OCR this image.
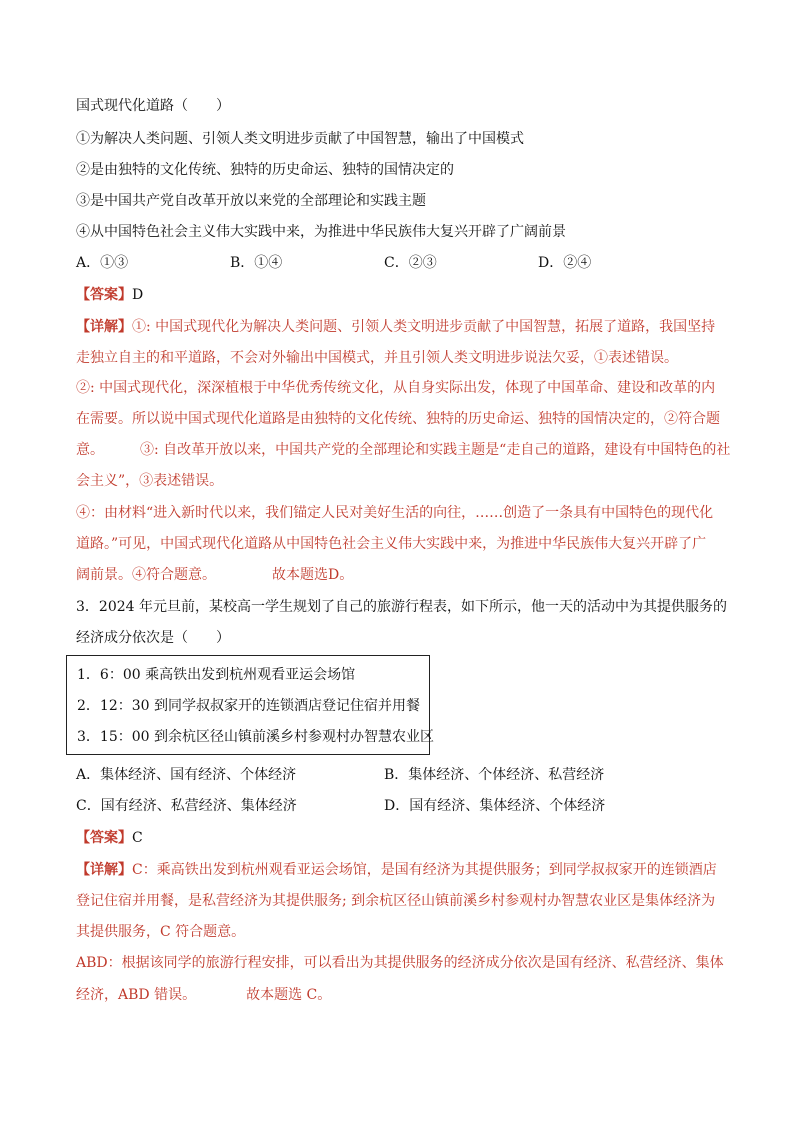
国式现代化道路（　　）
①为解决人类问题、引领人类文明进步贡献了中国智慧，输出了中国模式
②是由独特的文化传统、独特的历史命运、独特的国情决定的
③是中国共产党自改革开放以来党的全部理论和实践主题
④从中国特色社会主义伟大实践中来，为推进中华民族伟大复兴开辟了广阔前景
A．①③	B．①④	C．②③	D．②④
【答案】D
【详解】①: 中国式现代化为解决人类问题、引领人类文明进步贡献了中国智慧，拓展了道路，我国坚持
走独立自主的和平道路，不会对外输出中国模式，并且引领人类文明进步说法欠妥，①表述错误。
②: 中国式现代化，深深植根于中华优秀传统文化，从自身实际出发，体现了中国革命、建设和改革的内
在需要。所以说中国式现代化道路是由独特的文化传统、独特的历史命运、独特的国情决定的，②符合题
意。	③: 自改革开放以来，中国共产党的全部理论和实践主题是“走自己的道路，建设有中国特色的社
会主义”，③表述错误。
④：由材料“进入新时代以来，我们锚定人民对美好生活的向往，……创造了一条具有中国特色的现代化
道路。”可见，中国式现代化道路从中国特色社会主义伟大实践中来，为推进中华民族伟大复兴开辟了广
阔前景。④符合题意。	故本题选D。
3．2024 年元旦前，某校高一学生规划了自己的旅游行程表，如下所示，他一天的活动中为其提供服务的
经济成分依次是（　　）
1．6：00 乘高铁出发到杭州观看亚运会场馆
2．12：30 到同学叔叔家开的连锁酒店登记住宿并用餐
3．15：00 到余杭区径山镇前溪乡村参观村办智慧农业区
A．集体经济、国有经济、个体经济	B．集体经济、个体经济、私营经济
C．国有经济、私营经济、集体经济	D．国有经济、集体经济、个体经济
【答案】C
【详解】C：乘高铁出发到杭州观看亚运会场馆，是国有经济为其提供服务；到同学叔叔家开的连锁酒店
登记住宿并用餐，是私营经济为其提供服务; 到余杭区径山镇前溪乡村参观村办智慧农业区是集体经济为
其提供服务，C 符合题意。
ABD：根据该同学的旅游行程安排，可以看出为其提供服务的经济成分依次是国有经济、私营经济、集体
经济，ABD 错误。	故本题选 C。
